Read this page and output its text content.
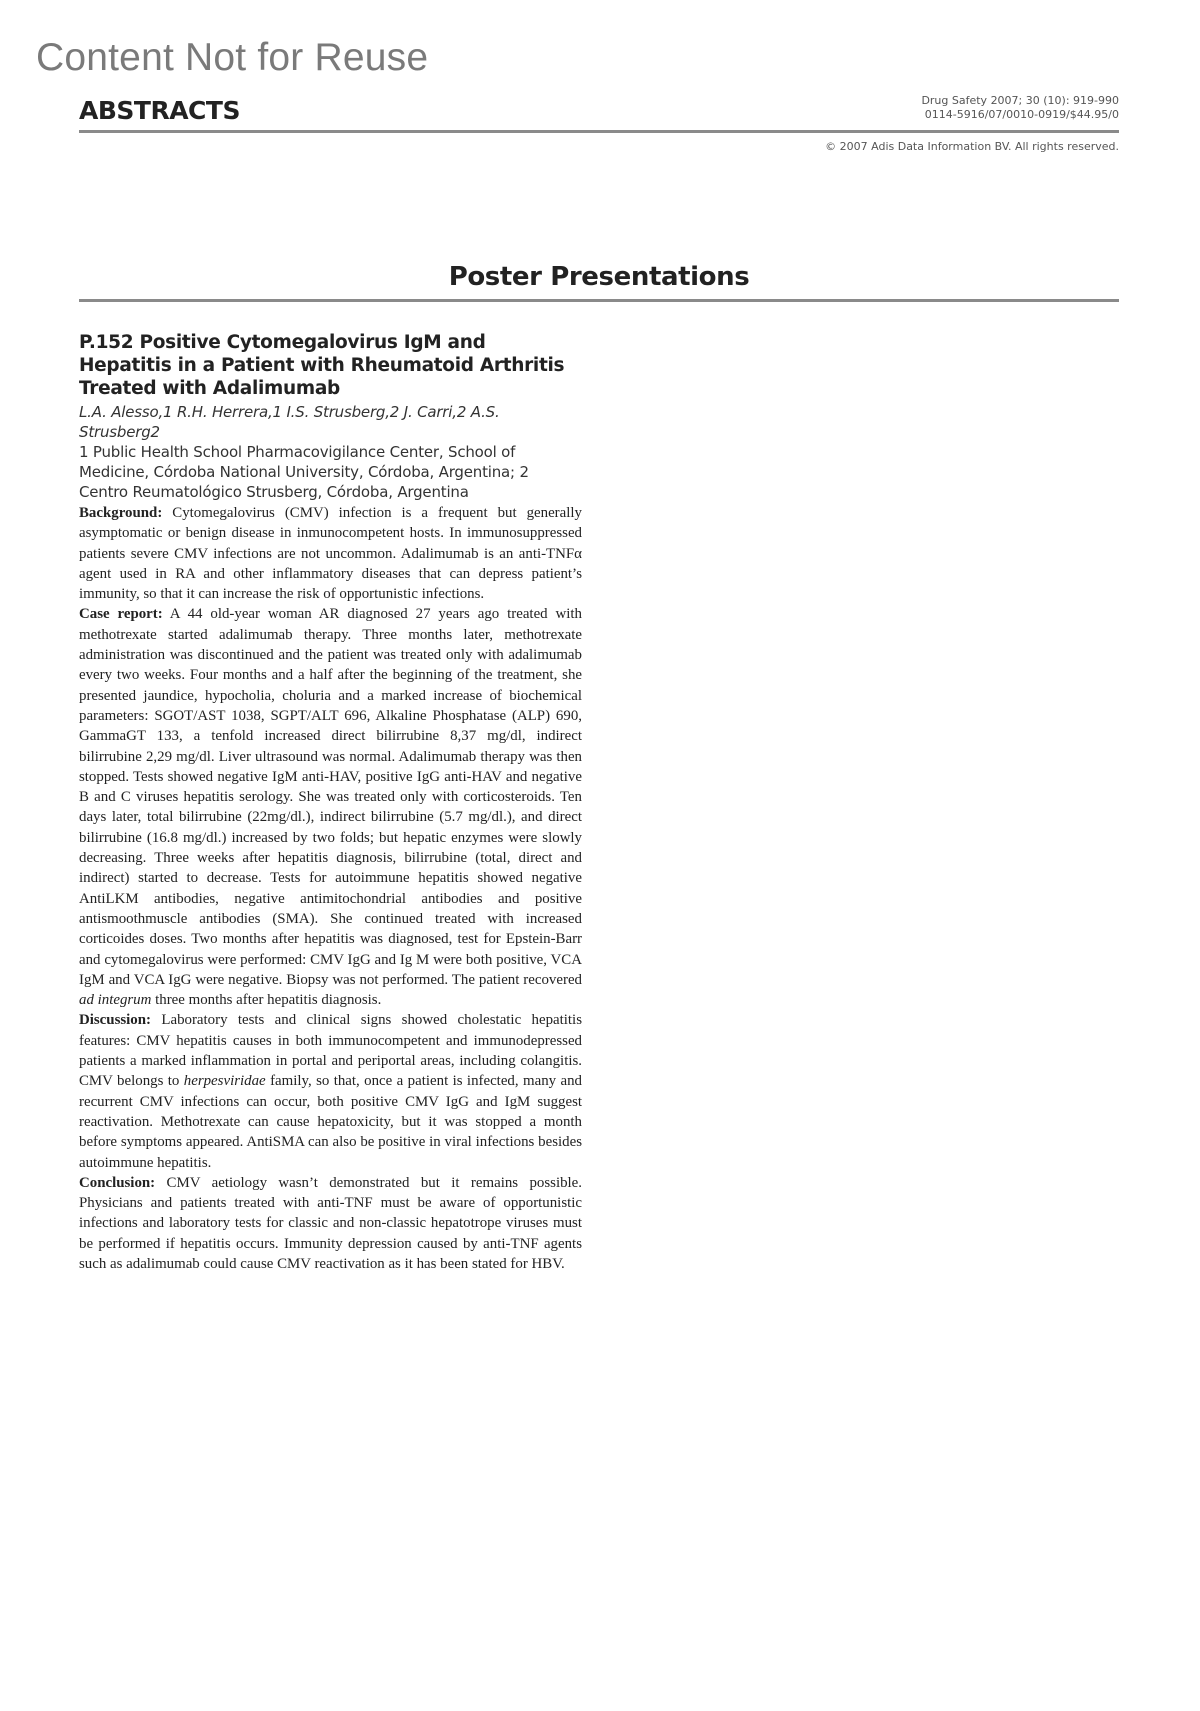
Content Not for Reuse
ABSTRACTS	Drug Safety 2007; 30 (10): 919-990
0114-5916/07/0010-0919/$44.95/0
© 2007 Adis Data Information BV. All rights reserved.
Poster Presentations
P.152 Positive Cytomegalovirus IgM and Hepatitis in a Patient with Rheumatoid Arthritis Treated with Adalimumab
L.A. Alesso,1 R.H. Herrera,1 I.S. Strusberg,2 J. Carri,2 A.S. Strusberg2
1 Public Health School Pharmacovigilance Center, School of Medicine, Córdoba National University, Córdoba, Argentina; 2 Centro Reumatológico Strusberg, Córdoba, Argentina

Background: Cytomegalovirus (CMV) infection is a frequent but generally asymptomatic or benign disease in inmunocompetent hosts. In immunosuppressed patients severe CMV infections are not uncommon. Adalimumab is an anti-TNFα agent used in RA and other inflammatory diseases that can depress patient’s immunity, so that it can increase the risk of opportunistic infections.

Case report: A 44 old-year woman AR diagnosed 27 years ago treated with methotrexate started adalimumab therapy. Three months later, methotrexate administration was discontinued and the patient was treated only with adalimumab every two weeks. Four months and a half after the beginning of the treatment, she presented jaundice, hypocholia, choluria and a marked increase of biochemical parameters: SGOT/AST 1038, SGPT/ALT 696, Alkaline Phosphatase (ALP) 690, GammaGT 133, a tenfold increased direct bilirrubine 8,37 mg/dl, indirect bilirrubine 2,29 mg/dl. Liver ultrasound was normal. Adalimumab therapy was then stopped. Tests showed negative IgM anti-HAV, positive IgG anti-HAV and negative B and C viruses hepatitis serology. She was treated only with corticosteroids. Ten days later, total bilirrubine (22mg/dl.), indirect bilirrubine (5.7 mg/dl.), and direct bilirrubine (16.8 mg/dl.) increased by two folds; but hepatic enzymes were slowly decreasing. Three weeks after hepatitis diagnosis, bilirrubine (total, direct and indirect) started to decrease. Tests for autoimmune hepatitis showed negative AntiLKM antibodies, negative antimitochondrial antibodies and positive antismoothmuscle antibodies (SMA). She continued treated with increased corticoides doses. Two months after hepatitis was diagnosed, test for Epstein-Barr and cytomegalovirus were performed: CMV IgG and Ig M were both positive, VCA IgM and VCA IgG were negative. Biopsy was not performed. The patient recovered ad integrum three months after hepatitis diagnosis.

Discussion: Laboratory tests and clinical signs showed cholestatic hepatitis features: CMV hepatitis causes in both immunocompetent and immunodepressed patients a marked inflammation in portal and periportal areas, including colangitis. CMV belongs to herpesviridae family, so that, once a patient is infected, many and recurrent CMV infections can occur, both positive CMV IgG and IgM suggest reactivation. Methotrexate can cause hepatoxicity, but it was stopped a month before symptoms appeared. AntiSMA can also be positive in viral infections besides autoimmune hepatitis.

Conclusion: CMV aetiology wasn’t demonstrated but it remains possible. Physicians and patients treated with anti-TNF must be aware of opportunistic infections and laboratory tests for classic and non-classic hepatotrope viruses must be performed if hepatitis occurs. Immunity depression caused by anti-TNF agents such as adalimumab could cause CMV reactivation as it has been stated for HBV.
